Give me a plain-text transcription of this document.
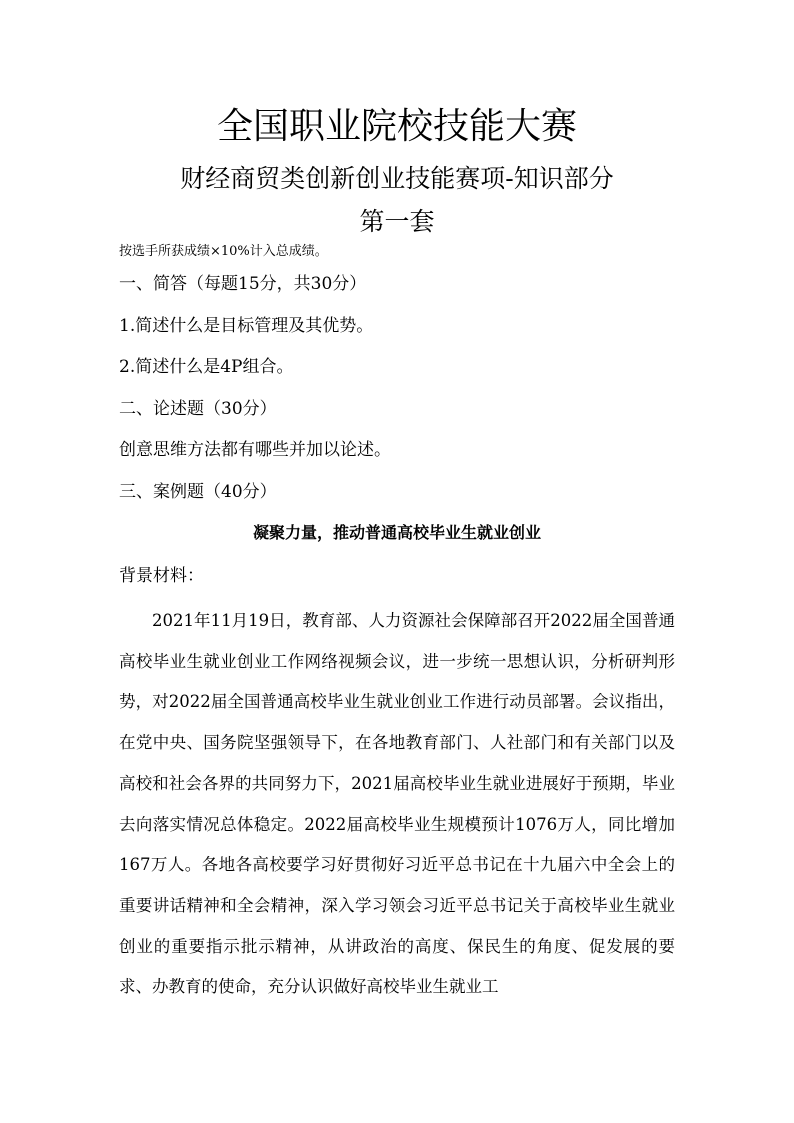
全国职业院校技能大赛
财经商贸类创新创业技能赛项-知识部分
第一套
按选手所获成绩×10%计入总成绩。
一、简答（每题15分，共30分）
1.简述什么是目标管理及其优势。
2.简述什么是4P组合。
二、论述题（30分）
创意思维方法都有哪些并加以论述。
三、案例题（40分）
凝聚力量，推动普通高校毕业生就业创业
背景材料：

2021年11月19日，教育部、人力资源社会保障部召开2022届全国普通高校毕业生就业创业工作网络视频会议，进一步统一思想认识，分析研判形势，对2022届全国普通高校毕业生就业创业工作进行动员部署。会议指出，在党中央、国务院坚强领导下，在各地教育部门、人社部门和有关部门以及高校和社会各界的共同努力下，2021届高校毕业生就业进展好于预期，毕业去向落实情况总体稳定。2022届高校毕业生规模预计1076万人，同比增加167万人。各地各高校要学习好贯彻好习近平总书记在十九届六中全会上的重要讲话精神和全会精神，深入学习领会习近平总书记关于高校毕业生就业创业的重要指示批示精神，从讲政治的高度、保民生的角度、促发展的要求、办教育的使命，充分认识做好高校毕业生就业工
